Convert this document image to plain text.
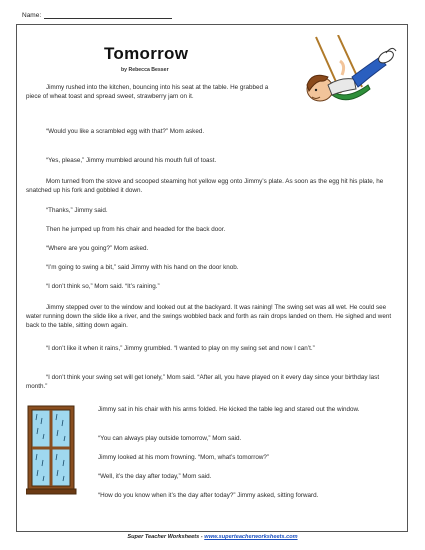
Name:
Tomorrow
by Rebecca Besser

Jimmy rushed into the kitchen, bouncing into his seat at the table. He grabbed a piece of wheat toast and spread sweet, strawberry jam on it.

“Would you like a scrambled egg with that?” Mom asked.

“Yes, please,” Jimmy mumbled around his mouth full of toast.

Mom turned from the stove and scooped steaming hot yellow egg onto Jimmy’s plate. As soon as the egg hit his plate, he snatched up his fork and gobbled it down.

“Thanks,” Jimmy said.

Then he jumped up from his chair and headed for the back door.

“Where are you going?” Mom asked.

“I’m going to swing a bit,” said Jimmy with his hand on the door knob.

“I don’t think so,” Mom said. “It’s raining.”

Jimmy stepped over to the window and looked out at the backyard. It was raining! The swing set was all wet. He could see water running down the slide like a river, and the swings wobbled back and forth as rain drops landed on them. He sighed and went back to the table, sitting down again.

“I don’t like it when it rains,” Jimmy grumbled. “I wanted to play on my swing set and now I can’t.”

“I don’t think your swing set will get lonely,” Mom said. “After all, you have played on it every day since your birthday last month.”

Jimmy sat in his chair with his arms folded. He kicked the table leg and stared out the window.

“You can always play outside tomorrow,” Mom said.

Jimmy looked at his mom frowning. “Mom, what’s tomorrow?”

“Well, it’s the day after today,” Mom said.

“How do you know when it’s the day after today?” Jimmy asked, sitting forward.

Super Teacher Worksheets - www.superteacherworksheets.com
